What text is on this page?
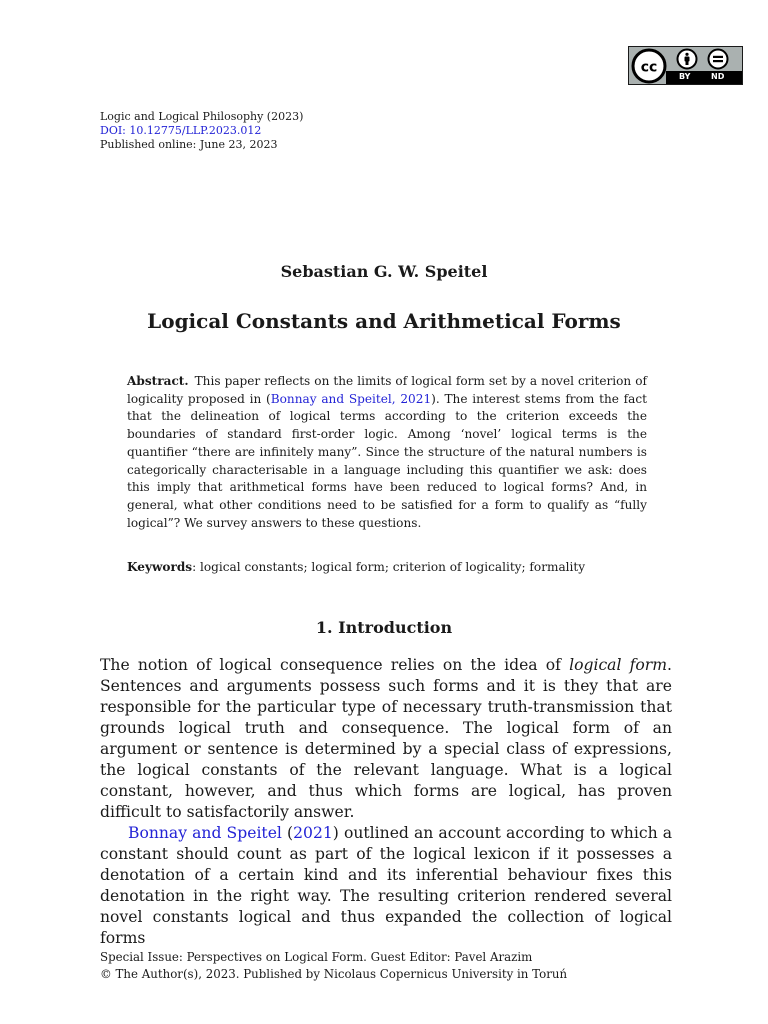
cc
BY	ND
Logic and Logical Philosophy (2023)
DOI: 10.12775/LLP.2023.012
Published online: June 23, 2023
Sebastian G. W. Speitel
Logical Constants and Arithmetical Forms
Abstract. This paper reflects on the limits of logical form set by a novel criterion of logicality proposed in (Bonnay and Speitel, 2021). The interest stems from the fact that the delineation of logical terms according to the criterion exceeds the boundaries of standard first-order logic. Among ‘novel’ logical terms is the quantifier “there are infinitely many”. Since the structure of the natural numbers is categorically characterisable in a language including this quantifier we ask: does this imply that arithmetical forms have been reduced to logical forms? And, in general, what other conditions need to be satisfied for a form to qualify as “fully logical”? We survey answers to these questions.
Keywords: logical constants; logical form; criterion of logicality; formality
1. Introduction

The notion of logical consequence relies on the idea of logical form. Sentences and arguments possess such forms and it is they that are responsible for the particular type of necessary truth-transmission that grounds logical truth and consequence. The logical form of an argument or sentence is determined by a special class of expressions, the logical constants of the relevant language. What is a logical constant, however, and thus which forms are logical, has proven difficult to satisfactorily answer.

Bonnay and Speitel (2021) outlined an account according to which a constant should count as part of the logical lexicon if it possesses a denotation of a certain kind and its inferential behaviour fixes this denotation in the right way. The resulting criterion rendered several novel constants logical and thus expanded the collection of logical forms

Special Issue: Perspectives on Logical Form. Guest Editor: Pavel Arazim
© The Author(s), 2023. Published by Nicolaus Copernicus University in Toruń
